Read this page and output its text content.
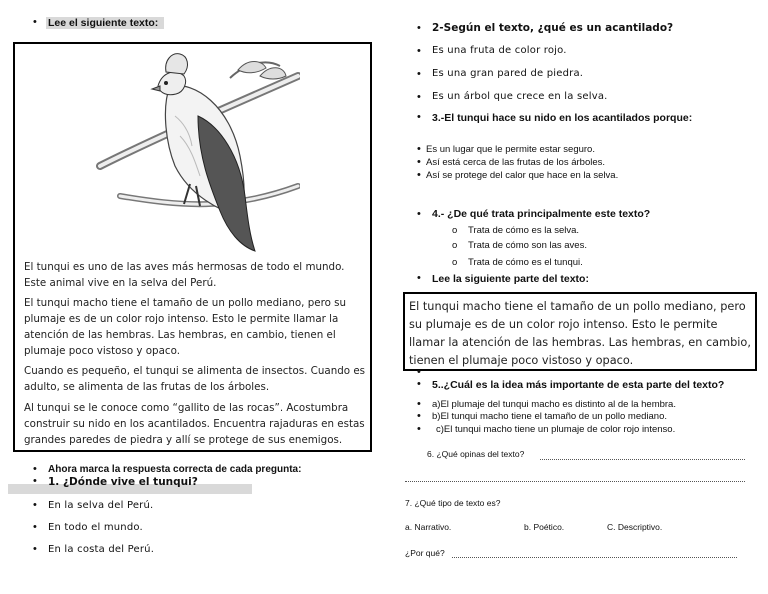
• Lee el siguiente texto:

El tunqui es uno de las aves más hermosas de todo el mundo. Este animal vive en la selva del Perú.

El tunqui macho tiene el tamaño de un pollo mediano, pero su plumaje es de un color rojo intenso. Esto le permite llamar la atención de las hembras. Las hembras, en cambio, tienen el plumaje poco vistoso y opaco.

Cuando es pequeño, el tunqui se alimenta de insectos. Cuando es adulto, se alimenta de las frutas de los árboles.

Al tunqui se le conoce como “gallito de las rocas”. Acostumbra construir su nido en los acantilados. Encuentra rajaduras en estas grandes paredes de piedra y allí se protege de sus enemigos.

• Ahora marca la respuesta correcta de cada pregunta:
• 1. ¿Dónde vive el tunqui?
• En la selva del Perú.
• En todo el mundo.
• En la costa del Perú.
• 2-Según el texto, ¿qué es un acantilado?
• Es una fruta de color rojo.
• Es una gran pared de piedra.
• Es un árbol que crece en la selva.
• 3.-El tunqui hace su nido en los acantilados porque:
• Es un lugar que le permite estar seguro.
• Así está cerca de las frutas de los árboles.
• Así se protege del calor que hace en la selva.
• 4.- ¿De qué trata principalmente este texto?
o Trata de cómo es la selva.
o Trata de cómo son las aves.
o Trata de cómo es el tunqui.
• Lee la siguiente parte del texto:

El tunqui macho tiene el tamaño de un pollo mediano, pero su plumaje es de un color rojo intenso. Esto le permite llamar la atención de las hembras. Las hembras, en cambio, tienen el plumaje poco vistoso y opaco.

•
• 5..¿Cuál es la idea más importante de esta parte del texto?
• a)El plumaje del tunqui macho es distinto al de la hembra.
• b)El tunqui macho tiene el tamaño de un pollo mediano.
• c)El tunqui macho tiene un plumaje de color rojo intenso.
6. ¿Qué opinas del texto?
7. ¿Qué tipo de texto es?
a. Narrativo.	b. Poético.	C. Descriptivo.
¿Por qué?
